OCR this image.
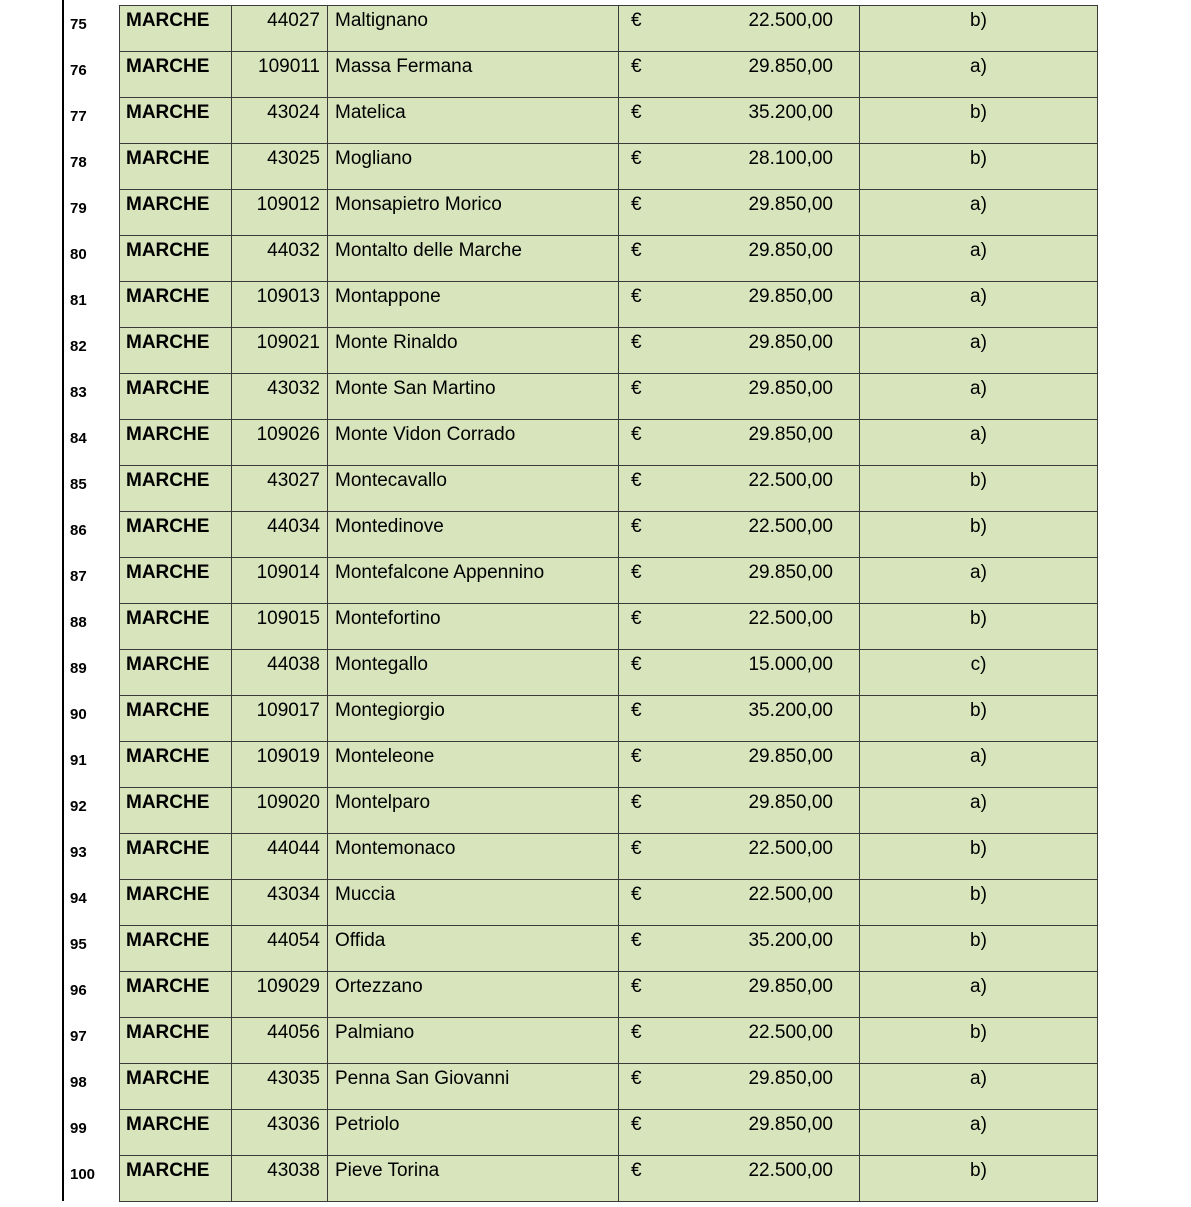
75	MARCHE	44027	Maltignano	€	22.500,00	b)
76	MARCHE	109011	Massa Fermana	€	29.850,00	a)
77	MARCHE	43024	Matelica	€	35.200,00	b)
78	MARCHE	43025	Mogliano	€	28.100,00	b)
79	MARCHE	109012	Monsapietro Morico	€	29.850,00	a)
80	MARCHE	44032	Montalto delle Marche	€	29.850,00	a)
81	MARCHE	109013	Montappone	€	29.850,00	a)
82	MARCHE	109021	Monte Rinaldo	€	29.850,00	a)
83	MARCHE	43032	Monte San Martino	€	29.850,00	a)
84	MARCHE	109026	Monte Vidon Corrado	€	29.850,00	a)
85	MARCHE	43027	Montecavallo	€	22.500,00	b)
86	MARCHE	44034	Montedinove	€	22.500,00	b)
87	MARCHE	109014	Montefalcone Appennino	€	29.850,00	a)
88	MARCHE	109015	Montefortino	€	22.500,00	b)
89	MARCHE	44038	Montegallo	€	15.000,00	c)
90	MARCHE	109017	Montegiorgio	€	35.200,00	b)
91	MARCHE	109019	Monteleone	€	29.850,00	a)
92	MARCHE	109020	Montelparo	€	29.850,00	a)
93	MARCHE	44044	Montemonaco	€	22.500,00	b)
94	MARCHE	43034	Muccia	€	22.500,00	b)
95	MARCHE	44054	Offida	€	35.200,00	b)
96	MARCHE	109029	Ortezzano	€	29.850,00	a)
97	MARCHE	44056	Palmiano	€	22.500,00	b)
98	MARCHE	43035	Penna San Giovanni	€	29.850,00	a)
99	MARCHE	43036	Petriolo	€	29.850,00	a)
100	MARCHE	43038	Pieve Torina	€	22.500,00	b)
